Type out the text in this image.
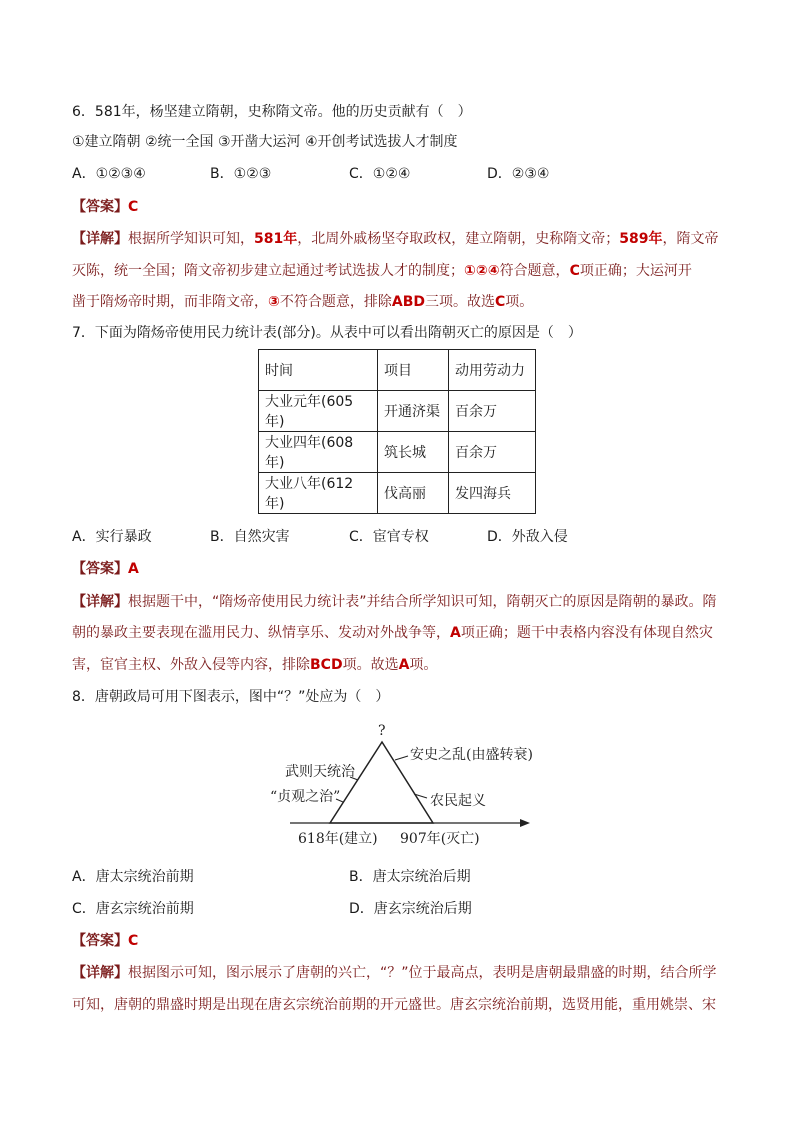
6．581年，杨坚建立隋朝，史称隋文帝。他的历史贡献有（　）
①建立隋朝 ②统一全国 ③开凿大运河 ④开创考试选拔人才制度
A．①②③④	B．①②③	C．①②④	D．②③④
【答案】C
【详解】根据所学知识可知，581年，北周外戚杨坚夺取政权，建立隋朝，史称隋文帝；589年，隋文帝
灭陈，统一全国；隋文帝初步建立起通过考试选拔人才的制度；①②④符合题意，C项正确；大运河开
凿于隋炀帝时期，而非隋文帝，③不符合题意，排除ABD三项。故选C项。
7．下面为隋炀帝使用民力统计表(部分)。从表中可以看出隋朝灭亡的原因是（　）
时间	项目	动用劳动力
大业元年(605年)	开通济渠	百余万
大业四年(608年)	筑长城	百余万
大业八年(612年)	伐高丽	发四海兵
A．实行暴政	B．自然灾害	C．宦官专权	D．外敌入侵
【答案】A
【详解】根据题干中，“隋炀帝使用民力统计表”并结合所学知识可知，隋朝灭亡的原因是隋朝的暴政。隋
朝的暴政主要表现在滥用民力、纵情享乐、发动对外战争等，A项正确；题干中表格内容没有体现自然灾
害，宦官主权、外敌入侵等内容，排除BCD项。故选A项。
8．唐朝政局可用下图表示，图中“？”处应为（　）
?
武则天统治
“贞观之治”
安史之乱(由盛转衰)
农民起义
618年(建立) 907年(灭亡)
A．唐太宗统治前期	B．唐太宗统治后期
C．唐玄宗统治前期	D．唐玄宗统治后期
【答案】C
【详解】根据图示可知，图示展示了唐朝的兴亡，“？”位于最高点，表明是唐朝最鼎盛的时期，结合所学
可知，唐朝的鼎盛时期是出现在唐玄宗统治前期的开元盛世。唐玄宗统治前期，选贤用能，重用姚崇、宋
